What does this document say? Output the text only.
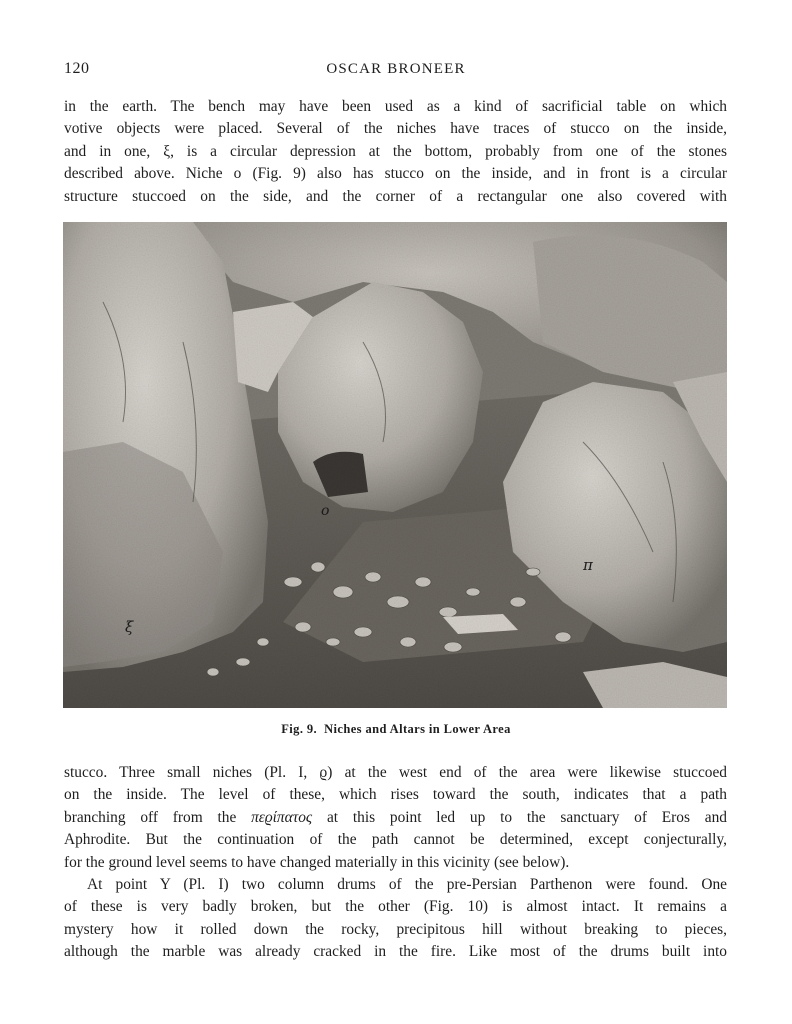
120	OSCAR BRONEER
in the earth. The bench may have been used as a kind of sacrificial table on which
votive objects were placed. Several of the niches have traces of stucco on the inside,
and in one, ξ, is a circular depression at the bottom, probably from one of the stones
described above. Niche o (Fig. 9) also has stucco on the inside, and in front is a circular
structure stuccoed on the side, and the corner of a rectangular one also covered with
o
π
ξ
Fig. 9. Niches and Altars in Lower Area
stucco. Three small niches (Pl. I, ϱ) at the west end of the area were likewise stuccoed
on the inside. The level of these, which rises toward the south, indicates that a path
branching off from the πεϱίπατος at this point led up to the sanctuary of Eros and
Aphrodite. But the continuation of the path cannot be determined, except conjecturally,
for the ground level seems to have changed materially in this vicinity (see below).
At point Y (Pl. I) two column drums of the pre-Persian Parthenon were found. One
of these is very badly broken, but the other (Fig. 10) is almost intact. It remains a
mystery how it rolled down the rocky, precipitous hill without breaking to pieces,
although the marble was already cracked in the fire. Like most of the drums built into
